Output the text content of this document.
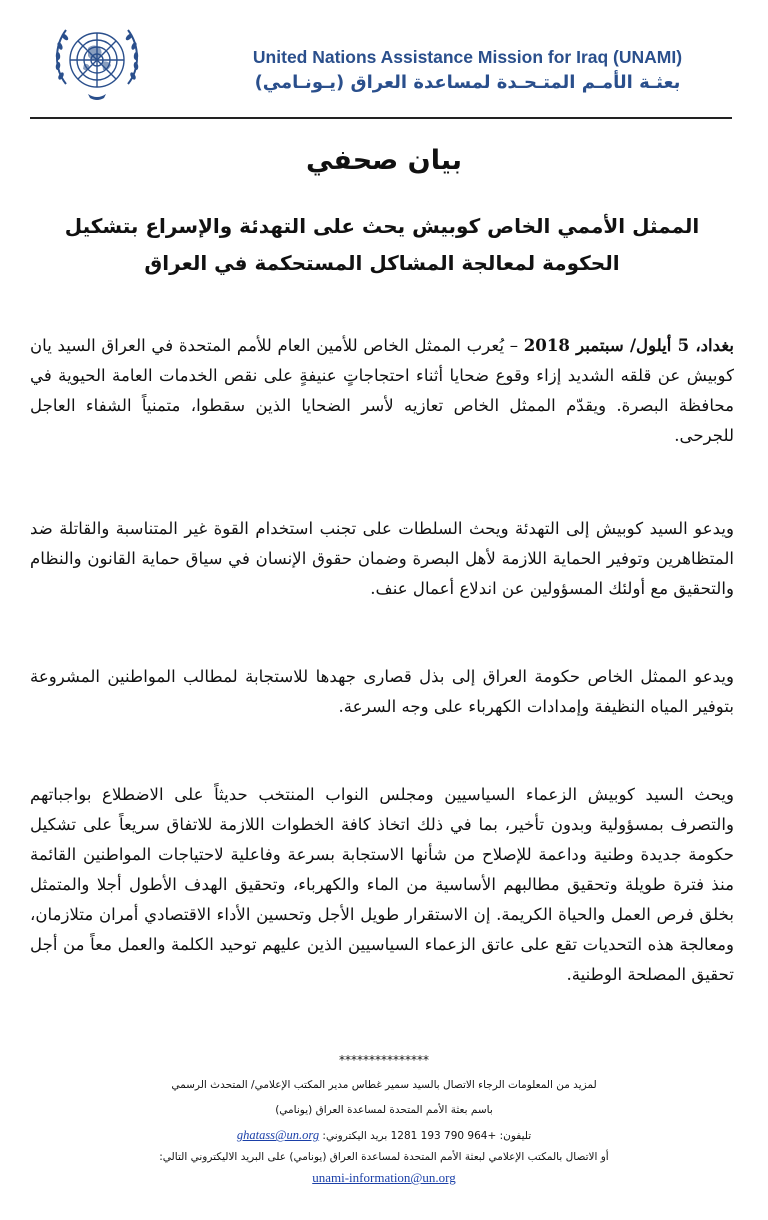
United Nations Assistance Mission for Iraq (UNAMI)
بعثـة الأمـم المتـحـدة لمساعدة العراق (يـونـامي)
بيان صحفي
الممثل الأممي الخاص كوبيش يحث على التهدئة والإسراع بتشكيل الحكومة لمعالجة المشاكل المستحكمة في العراق

بغداد، 5 أيلول/ سبتمبر 2018 – يُعرب الممثل الخاص للأمين العام للأمم المتحدة في العراق السيد يان كوبيش عن قلقه الشديد إزاء وقوع ضحايا أثناء احتجاجاتٍ عنيفةٍ على نقص الخدمات العامة الحيوية في محافظة البصرة. ويقدّم الممثل الخاص تعازيه لأسر الضحايا الذين سقطوا، متمنياً الشفاء العاجل للجرحى.

ويدعو السيد كوبيش إلى التهدئة ويحث السلطات على تجنب استخدام القوة غير المتناسبة والقاتلة ضد المتظاهرين وتوفير الحماية اللازمة لأهل البصرة وضمان حقوق الإنسان في سياق حماية القانون والنظام والتحقيق مع أولئك المسؤولين عن اندلاع أعمال عنف.

ويدعو الممثل الخاص حكومة العراق إلى بذل قصارى جهدها للاستجابة لمطالب المواطنين المشروعة بتوفير المياه النظيفة وإمدادات الكهرباء على وجه السرعة.

ويحث السيد كوبيش الزعماء السياسيين ومجلس النواب المنتخب حديثاً على الاضطلاع بواجباتهم والتصرف بمسؤولية وبدون تأخير، بما في ذلك اتخاذ كافة الخطوات اللازمة للاتفاق سريعاً على تشكيل حكومة جديدة وطنية وداعمة للإصلاح من شأنها الاستجابة بسرعة وفاعلية لاحتياجات المواطنين القائمة منذ فترة طويلة وتحقيق مطالبهم الأساسية من الماء والكهرباء، وتحقيق الهدف الأطول أجلا والمتمثل بخلق فرص العمل والحياة الكريمة. إن الاستقرار طويل الأجل وتحسين الأداء الاقتصادي أمران متلازمان، ومعالجة هذه التحديات تقع على عاتق الزعماء السياسيين الذين عليهم توحيد الكلمة والعمل معاً من أجل تحقيق المصلحة الوطنية.

***************
لمزيد من المعلومات الرجاء الاتصال بالسيد سمير غطاس مدير المكتب الإعلامي/ المتحدث الرسمي
باسم بعثة الأمم المتحدة لمساعدة العراق (يونامي)
تليفون: 1281 193 790 964+ بريد اليكتروني: ghatass@un.org
أو الاتصال بالمكتب الإعلامي لبعثة الأمم المتحدة لمساعدة العراق (يونامي) على البريد الاليكتروني التالي:
unami-information@un.org
